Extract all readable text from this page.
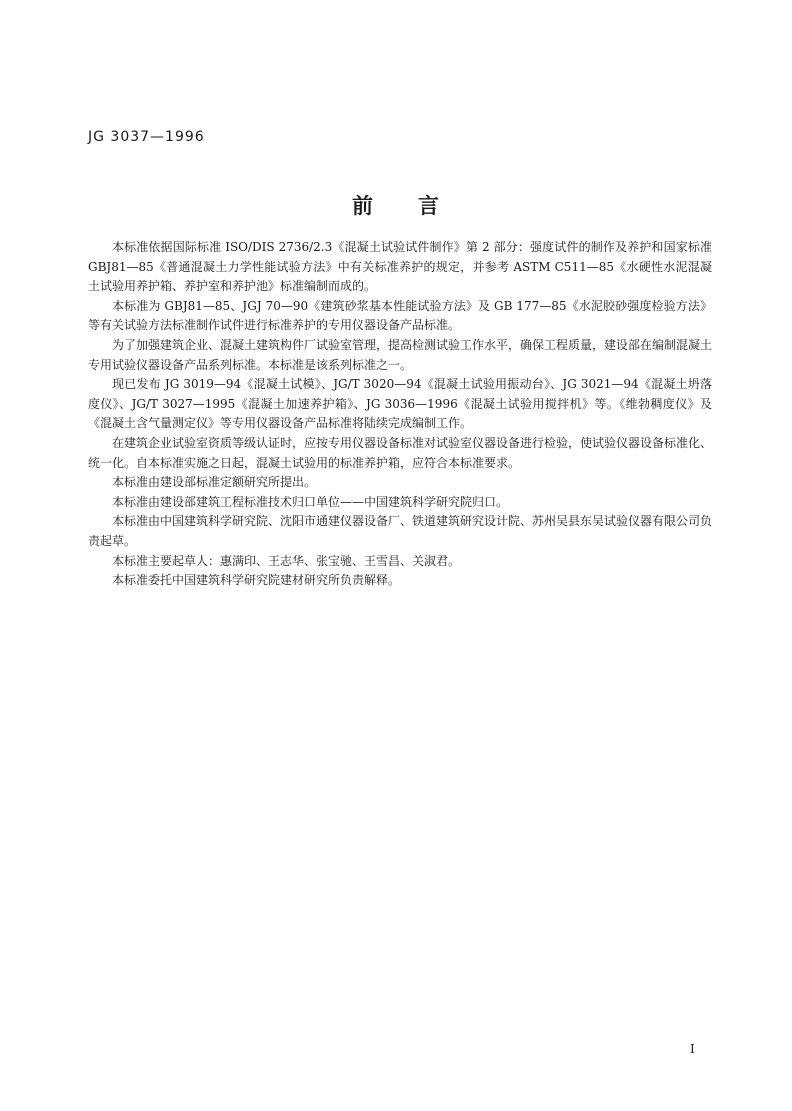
JG 3037—1996
前 言

本标准依据国际标准 ISO/DIS 2736/2.3《混凝土试验试件制作》第 2 部分：强度试件的制作及养护和国家标准 GBJ81—85《普通混凝土力学性能试验方法》中有关标准养护的规定，并参考 ASTM C511—85《水硬性水泥混凝土试验用养护箱、养护室和养护池》标准编制而成的。

本标准为 GBJ81—85、JGJ 70—90《建筑砂浆基本性能试验方法》及 GB 177—85《水泥胶砂强度检验方法》等有关试验方法标准制作试件进行标准养护的专用仪器设备产品标准。

为了加强建筑企业、混凝土建筑构件厂试验室管理，提高检测试验工作水平，确保工程质量，建设部在编制混凝土专用试验仪器设备产品系列标准。本标准是该系列标准之一。

现已发布 JG 3019—94《混凝土试模》、JG/T 3020—94《混凝土试验用振动台》、JG 3021—94《混凝土坍落度仪》、JG/T 3027—1995《混凝土加速养护箱》、JG 3036—1996《混凝土试验用搅拌机》等。《维勃稠度仪》及《混凝土含气量测定仪》等专用仪器设备产品标准将陆续完成编制工作。

在建筑企业试验室资质等级认证时，应按专用仪器设备标准对试验室仪器设备进行检验，使试验仪器设备标准化、统一化。自本标准实施之日起，混凝土试验用的标准养护箱，应符合本标准要求。

本标准由建设部标准定额研究所提出。

本标准由建设部建筑工程标准技术归口单位——中国建筑科学研究院归口。

本标准由中国建筑科学研究院、沈阳市通建仪器设备厂、铁道建筑研究设计院、苏州吴县东吴试验仪器有限公司负责起草。

本标准主要起草人：惠满印、王志华、张宝驰、王雪昌、关淑君。

本标准委托中国建筑科学研究院建材研究所负责解释。

I
